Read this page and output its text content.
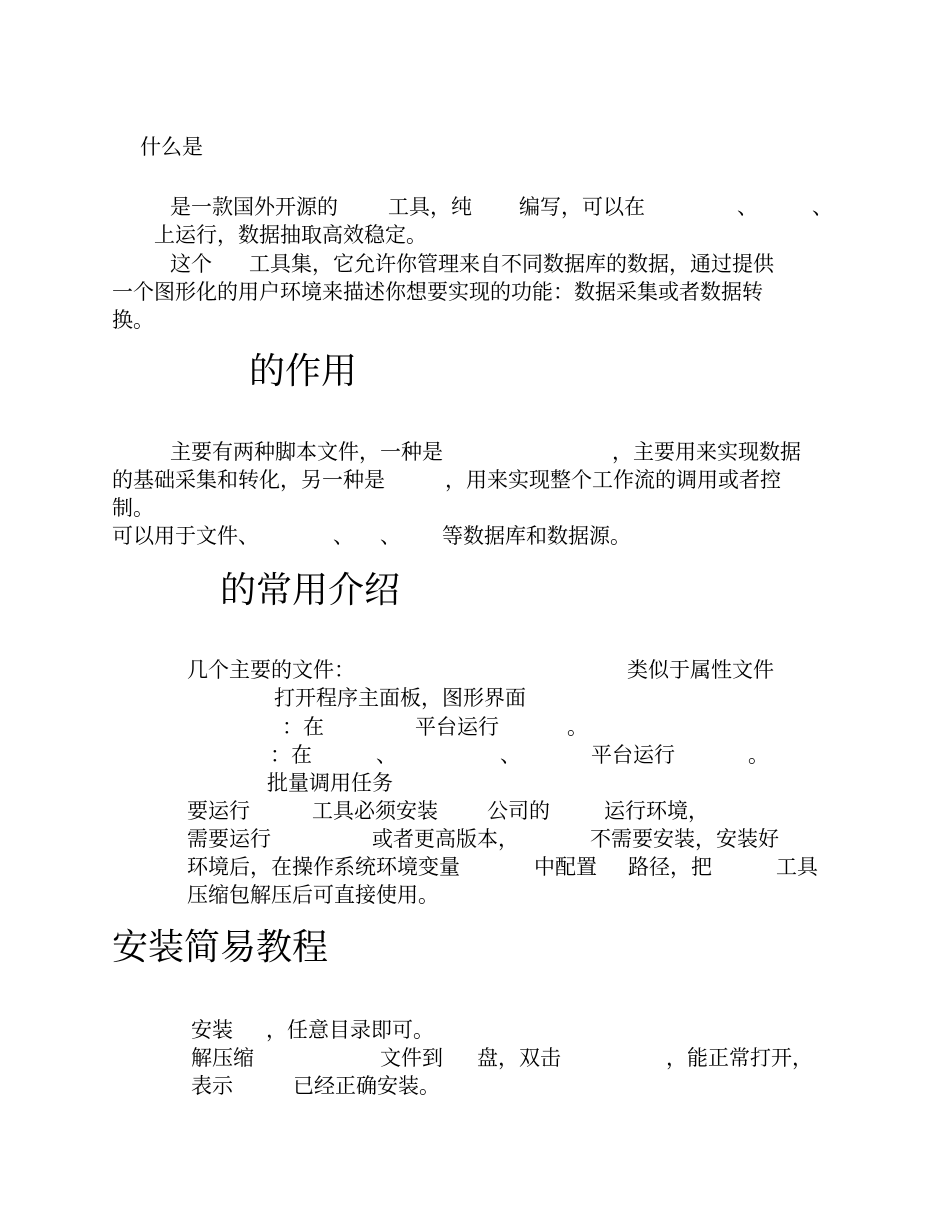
什么是
是一款国外开源的 工具，纯 编写，可以在	、	、
上运行，数据抽取高效稳定。
这个 工具集，它允许你管理来自不同数据库的数据，通过提供
一个图形化的用户环境来描述你想要实现的功能：数据采集或者数据转
换。
的作用
主要有两种脚本文件，一种是	，主要用来实现数据
的基础采集和转化，另一种是	，用来实现整个工作流的调用或者控
制。
可以用于文件、	、 、 等数据库和数据源。
的常用介绍
几个主要的文件：	类似于属性文件
打开程序主面板，图形界面
：在	平台运行	。
：在	、	、	平台运行	。
批量调用任务
要运行	工具必须安装 公司的	运行环境，
需要运行	或者更高版本，	不需要安装，安装好
环境后，在操作系统环境变量	中配置 路径，把	工具
压缩包解压后可直接使用。
安装简易教程
安装 ，任意目录即可。
解压缩	文件到 盘，双击	，能正常打开，
表示	已经正确安装。
